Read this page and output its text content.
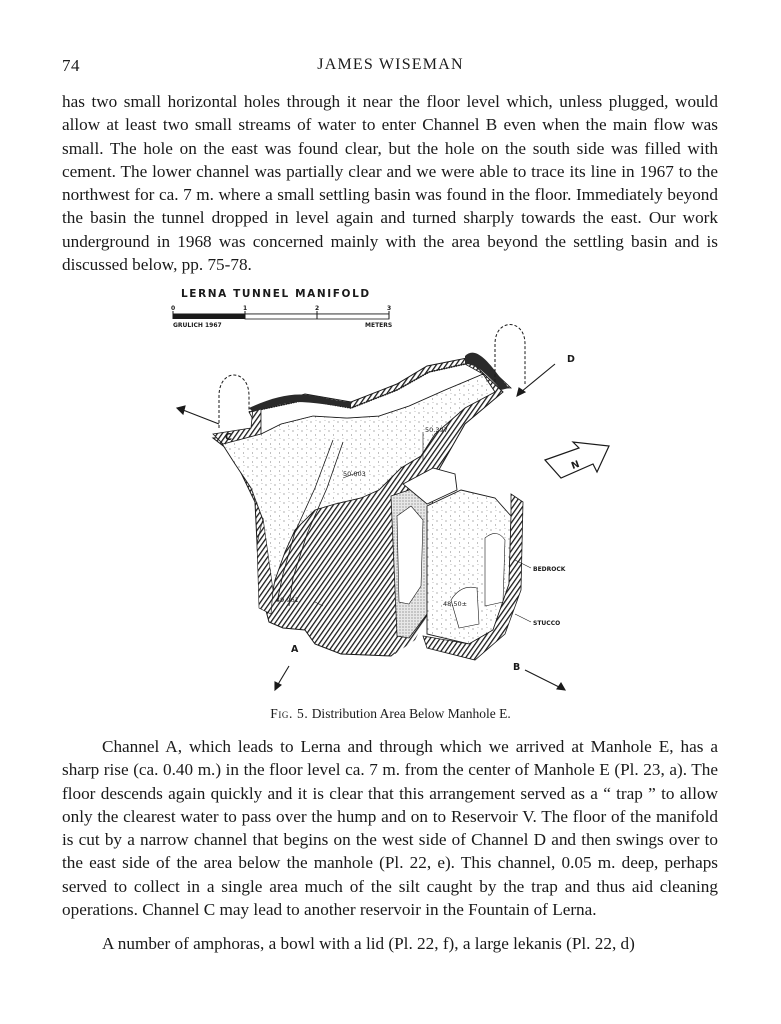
74	JAMES WISEMAN

has two small horizontal holes through it near the floor level which, unless plugged, would allow at least two small streams of water to enter Channel B even when the main flow was small. The hole on the east was found clear, but the hole on the south side was filled with cement. The lower channel was partially clear and we were able to trace its line in 1967 to the northwest for ca. 7 m. where a small settling basin was found in the floor. Immediately beyond the basin the tunnel dropped in level again and turned sharply towards the east. Our work underground in 1968 was concerned mainly with the area beyond the settling basin and is discussed below, pp. 75-78.

LERNA TUNNEL MANIFOLD
0	1	2	3
GRULICH 1967	METERS
N
A
B
C
D
50.397
50.003
49.961	48.50±
BEDROCK
STUCCO
Fig. 5. Distribution Area Below Manhole E.

Channel A, which leads to Lerna and through which we arrived at Manhole E, has a sharp rise (ca. 0.40 m.) in the floor level ca. 7 m. from the center of Manhole E (Pl. 23, a). The floor descends again quickly and it is clear that this arrangement served as a “ trap ” to allow only the clearest water to pass over the hump and on to Reservoir V. The floor of the manifold is cut by a narrow channel that begins on the west side of Channel D and then swings over to the east side of the area below the manhole (Pl. 22, e). This channel, 0.05 m. deep, perhaps served to collect in a single area much of the silt caught by the trap and thus aid cleaning operations. Channel C may lead to another reservoir in the Fountain of Lerna.

A number of amphoras, a bowl with a lid (Pl. 22, f), a large lekanis (Pl. 22, d)
